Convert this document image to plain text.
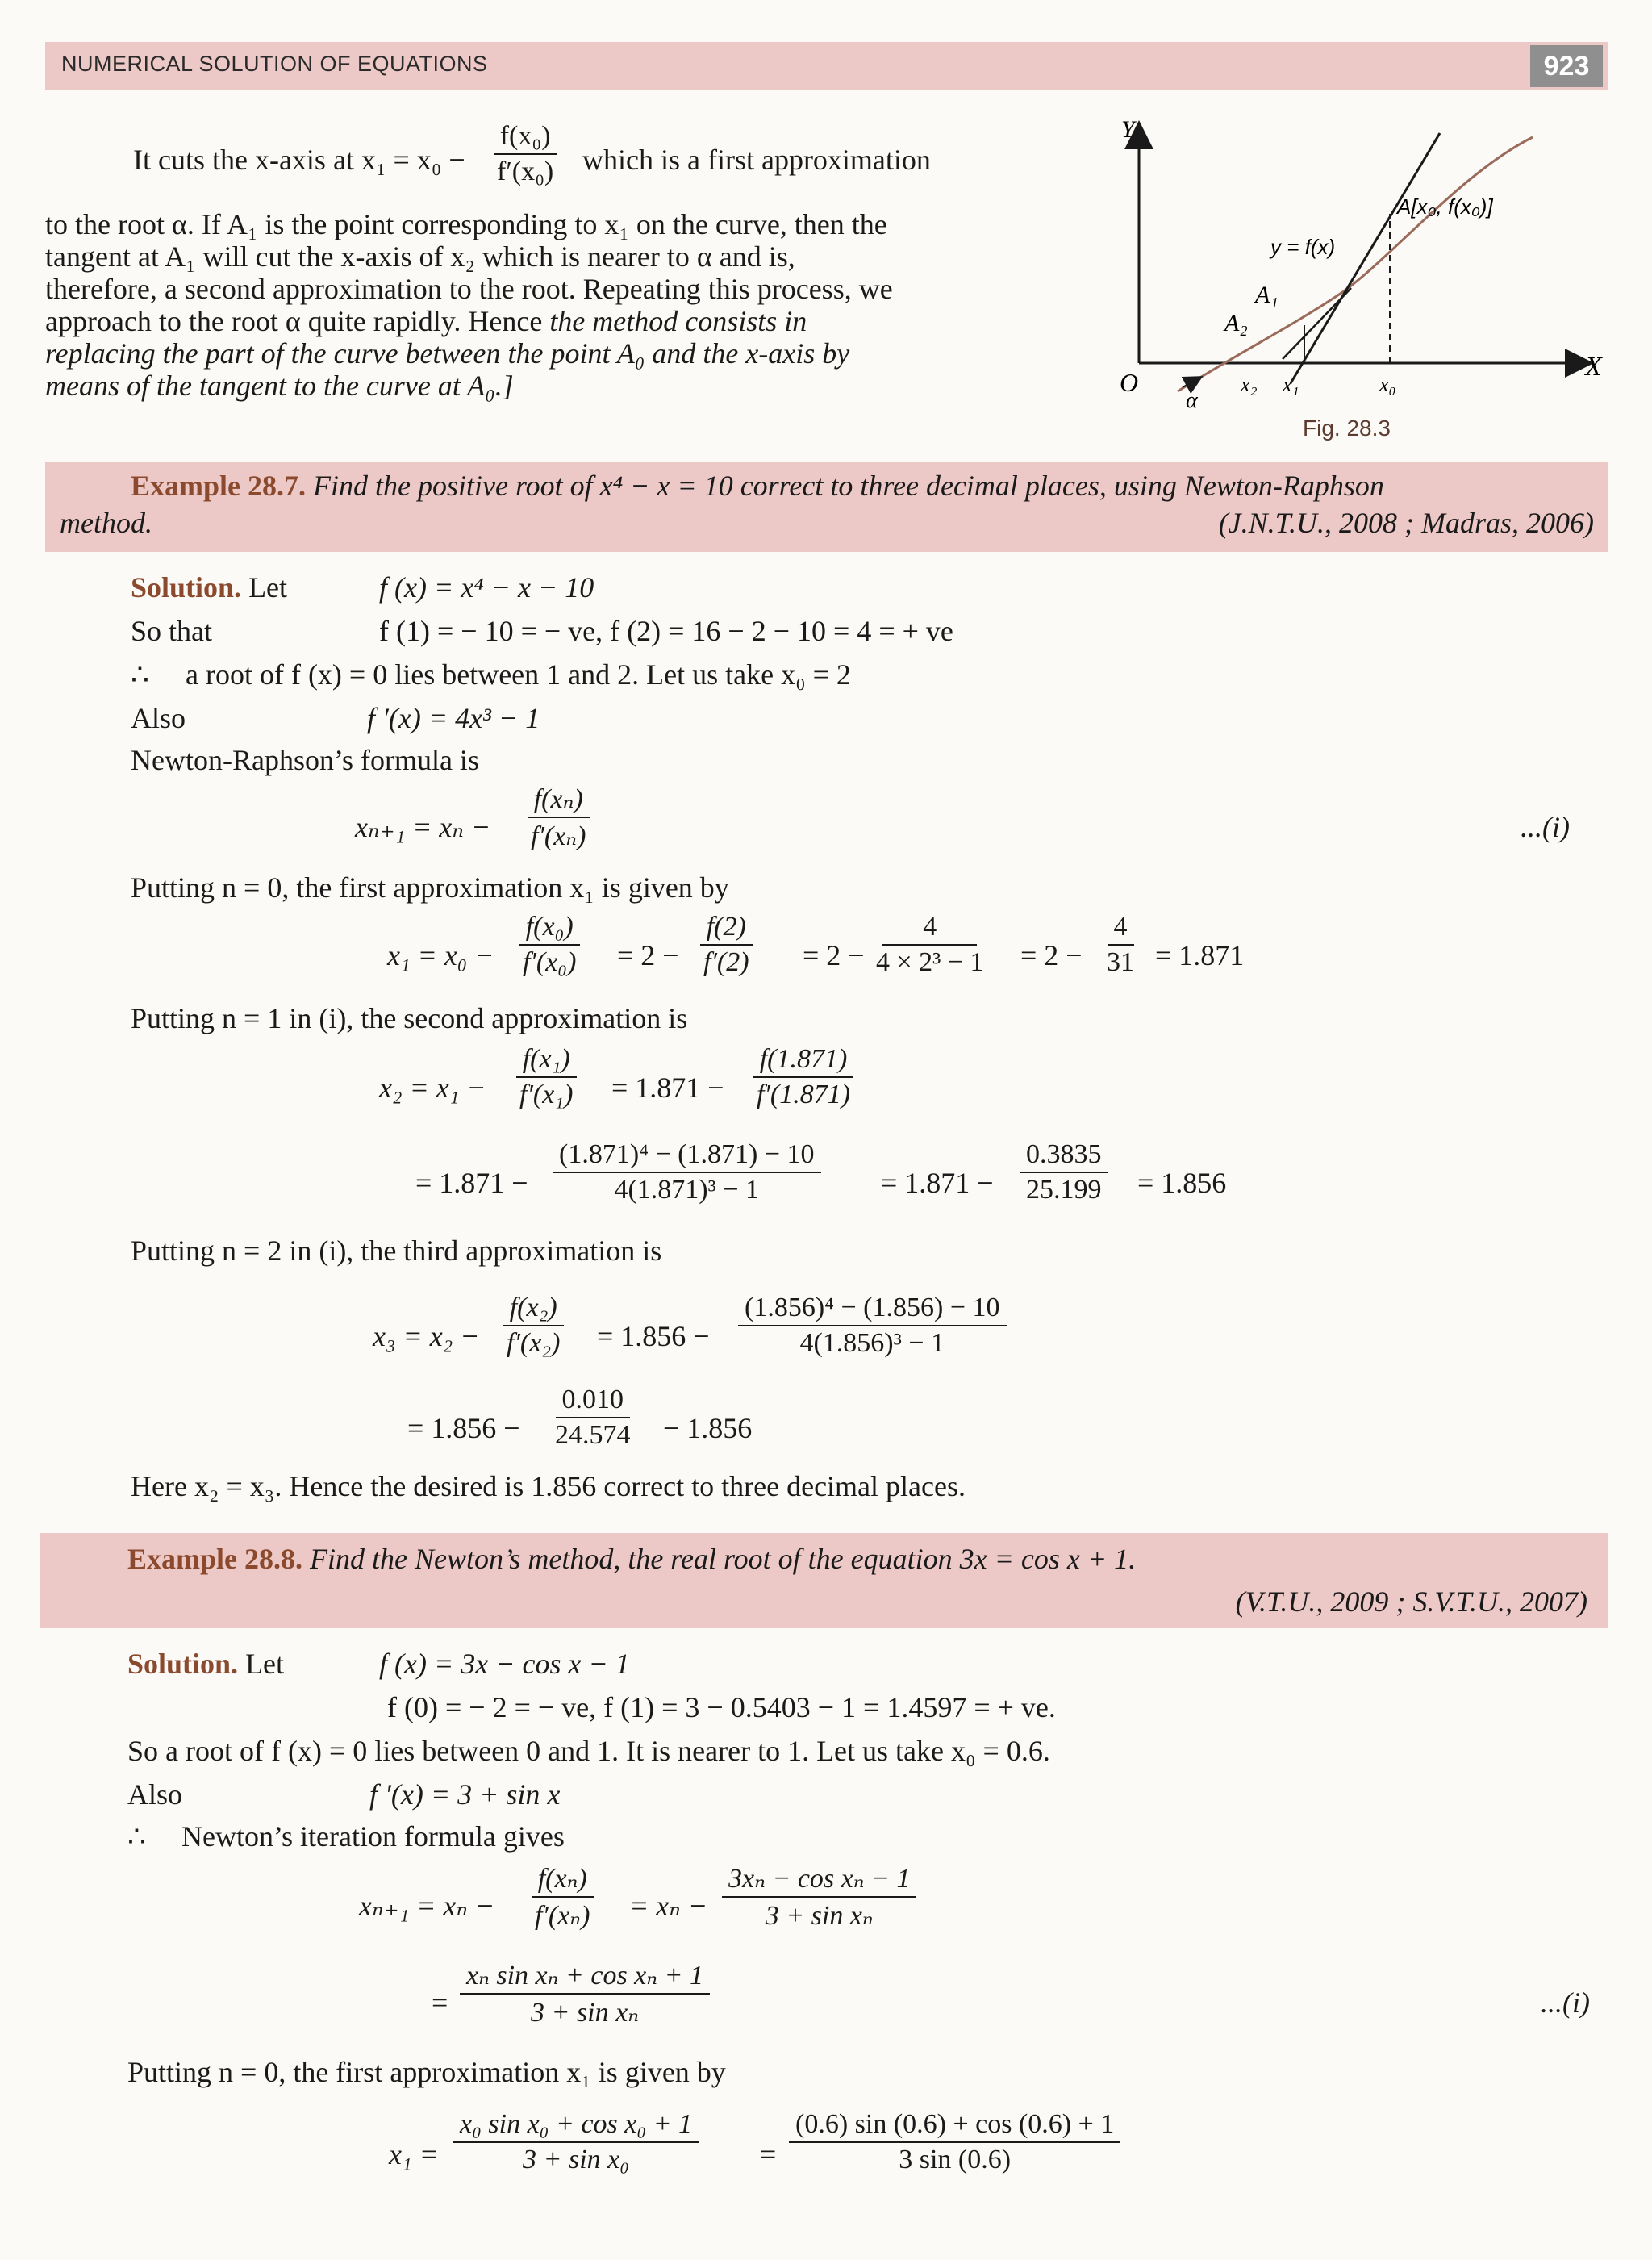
NUMERICAL SOLUTION OF EQUATIONS	923
It cuts the x-axis at $x_1 = x_0 - \frac{\text{f(x₀)}}{\text{f′(x₀)}}$ which is a first approximation
to the root α. If A₁ is the point corresponding to x₁ on the curve, then the
tangent at A₁ will cut the x-axis of x₂ which is nearer to α and is,
therefore, a second approximation to the root. Repeating this process, we
approach to the root α quite rapidly. Hence the method consists in
replacing the part of the curve between the point A₀ and the x-axis by
means of the tangent to the curve at A₀.]
Y
X
O
y = f(x)
A[x₀, f(x₀)]
A₁
A₂
x₂ x₁	x₀
α
Fig. 28.3
Example 28.7. Find the positive root of x⁴ − x = 10 correct to three decimal places, using Newton-Raphson
method.	(J.N.T.U., 2008 ; Madras, 2006)
Solution. Let	f (x) = x⁴ − x − 10
So that	f (1) = − 10 = − ve, f (2) = 16 − 2 − 10 = 4 = + ve
∴ a root of f (x) = 0 lies between 1 and 2. Let us take x₀ = 2
Also	f ′(x) = 4x³ − 1
Newton-Raphson’s formula is
$x_{n+1} = x_n - \frac{\text{f(xₙ)}}{\text{f′(xₙ)}}$	...(i)
Putting n = 0, the first approximation x₁ is given by
$x_1 = x_0 - \frac{\text{f(x₀)}}{\text{f′(x₀)}} = 2 - \frac{f(2)}{f'(2)} = 2 - \frac{4}{\text{4 × 2³ − 1}} = 2 - \frac{4}{31} = 1.871$
Putting n = 1 in (i), the second approximation is
$x_2 = x_1 - \frac{\text{f(x₁)}}{\text{f′(x₁)}} = 1.871 - \frac{f(1.871)}{f'(1.871)}$
= $1.871 - \frac{\text{(1.871)⁴ − (1.871) − 10}}{\text{4(1.871)³ − 1}} = 1.871 - \frac{0.3835}{25.199} = 1.856$
Putting n = 2 in (i), the third approximation is
$x_3 = x_2 - \frac{\text{f(x₂)}}{\text{f′(x₂)}} = 1.856 - \frac{\text{(1.856)⁴ − (1.856) − 10}}{\text{4(1.856)³ − 1}}$
= $1.856 - \frac{0.010}{24.574} - 1.856$
Here x₂ = x₃. Hence the desired is 1.856 correct to three decimal places.
Example 28.8. Find the Newton’s method, the real root of the equation 3x = cos x + 1.
(V.T.U., 2009 ; S.V.T.U., 2007)
Solution. Let	f (x) = 3x − cos x − 1
f (0) = − 2 = − ve, f (1) = 3 − 0.5403 − 1 = 1.4597 = + ve.
So a root of f (x) = 0 lies between 0 and 1. It is nearer to 1. Let us take x₀ = 0.6.
Also	f ′(x) = 3 + sin x
∴ Newton’s iteration formula gives
$x_{n+1} = x_n - \frac{\text{f(xₙ)}}{\text{f′(xₙ)}} = x_n - \frac{\text{3xₙ − cos xₙ − 1}}{\text{3 + sin xₙ}}$
= $\frac{\text{xₙ sin xₙ + cos xₙ + 1}}{\text{3 + sin xₙ}}$	...(i)
Putting n = 0, the first approximation x₁ is given by
$x_1 = \frac{\text{x₀ sin x₀ + cos x₀ + 1}}{\text{3 + sin x₀}} = \frac{(0.6) \sin (0.6) + \cos (0.6) + 1}{3 \sin (0.6)}$
